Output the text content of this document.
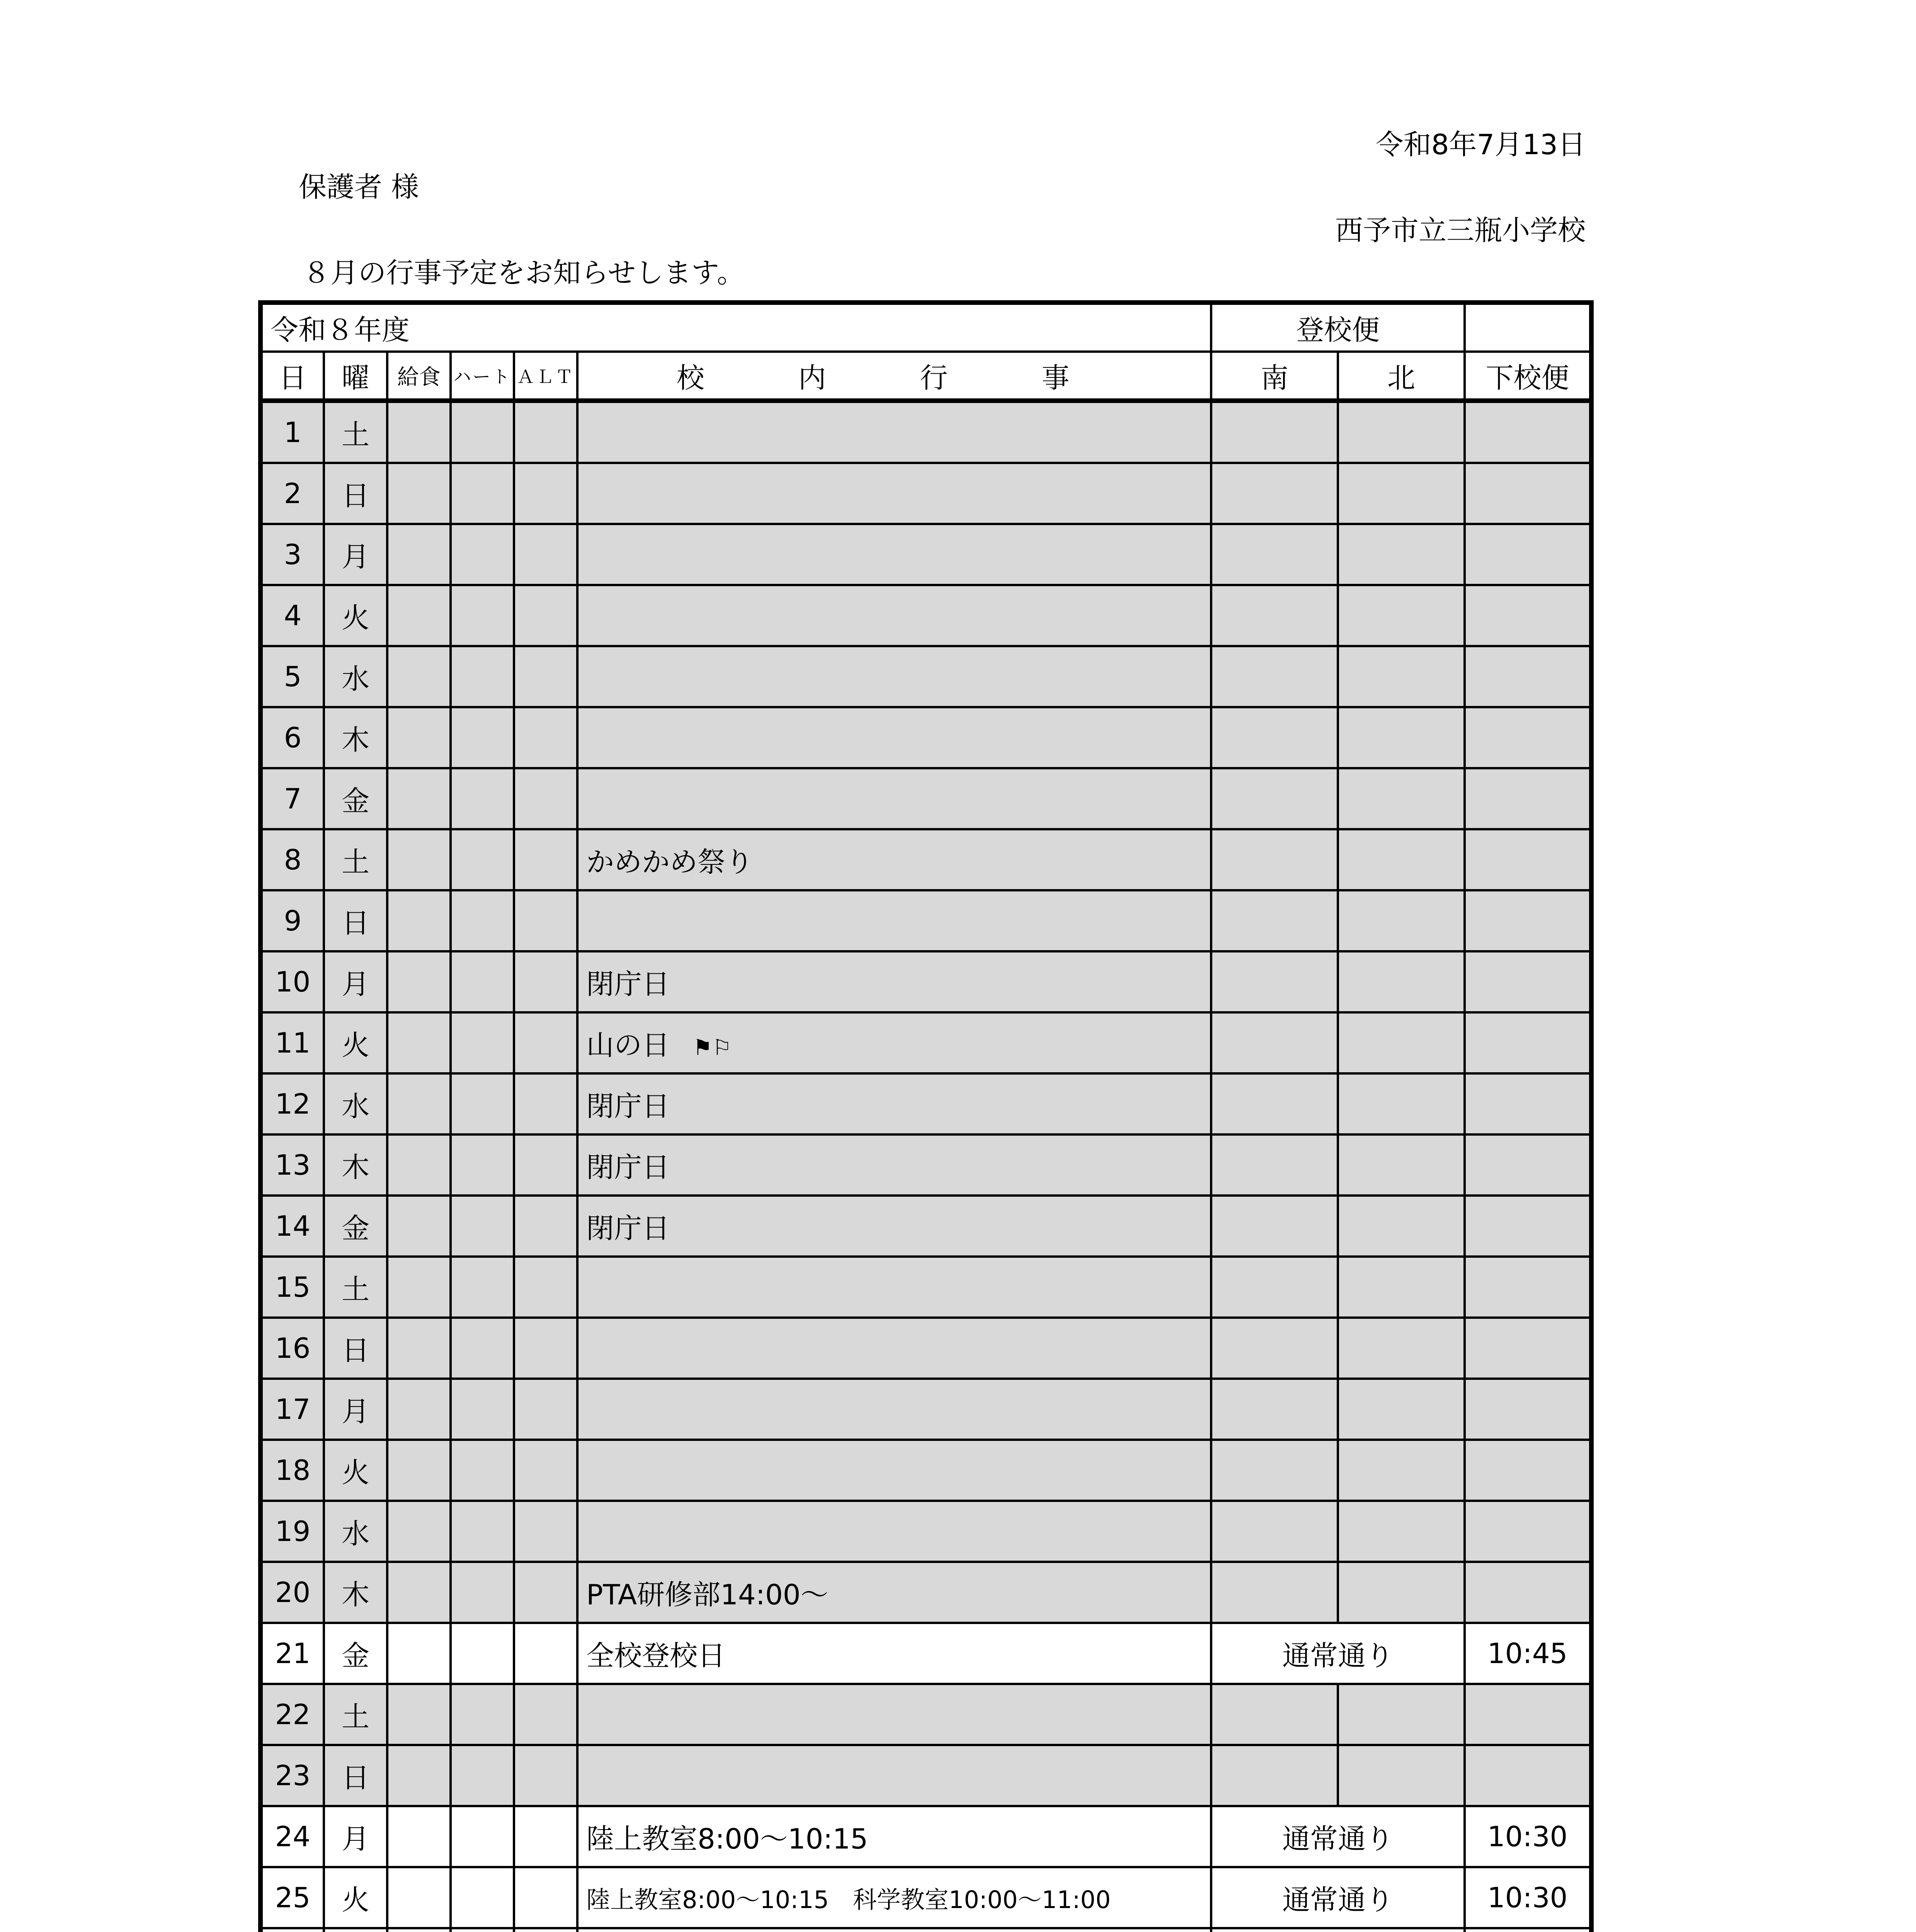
令和8年7月13日
保護者 様
西予市立三瓶小学校
８月の行事予定をお知らせします。
令和８年度						登校便		
日	曜	給食	ハート	ＡＬＴ	校 内 行 事	南	北	下校便
1	土							
2	日							
3	月							
4	火							
5	水							
6	木							
7	金							
8	土				かめかめ祭り			
9	日							
10	月				閉庁日			
11	火				山の日 ⚑⚐			
12	水				閉庁日			
13	木				閉庁日			
14	金				閉庁日			
15	土							
16	日							
17	月							
18	火							
19	水							
20	木				PTA研修部14:00～			
21	金				全校登校日	通常通り		10:45
22	土							
23	日							
24	月				陸上教室8:00～10:15	通常通り		10:30
25	火				陸上教室8:00～10:15　科学教室10:00～11:00	通常通り		10:30
